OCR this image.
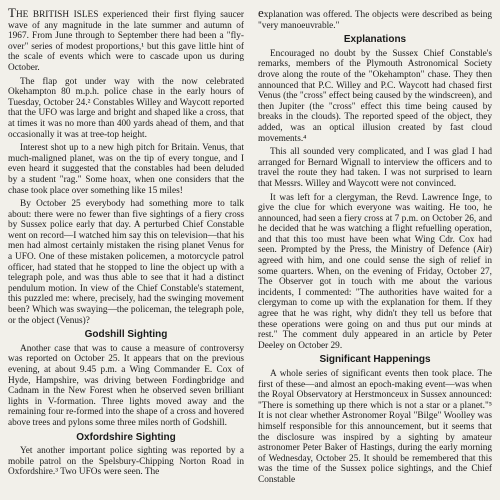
THE BRITISH ISLES experienced their first flying saucer wave of any magnitude in the late summer and autumn of 1967. From June through to September there had been a "fly-over" series of modest proportions,¹ but this gave little hint of the scale of events which were to cascade upon us during October.

The flap got under way with the now celebrated Okehampton 80 m.p.h. police chase in the early hours of Tuesday, October 24.² Constables Willey and Waycott reported that the UFO was large and bright and shaped like a cross, that at times it was no more than 400 yards ahead of them, and that occasionally it was at tree-top height.

Interest shot up to a new high pitch for Britain. Venus, that much-maligned planet, was on the tip of every tongue, and I even heard it suggested that the constables had been deluded by a student "rag." Some hoax, when one considers that the chase took place over something like 15 miles!

By October 25 everybody had something more to talk about: there were no fewer than five sightings of a fiery cross by Sussex police early that day. A perturbed Chief Constable went on record—I watched him say this on television—that his men had almost certainly mistaken the rising planet Venus for a UFO. One of these mistaken policemen, a motorcycle patrol officer, had stated that he stopped to line the object up with a telegraph pole, and was thus able to see that it had a distinct pendulum motion. In view of the Chief Constable's statement, this puzzled me: where, precisely, had the swinging movement been? Which was swaying—the policeman, the telegraph pole, or the object (Venus)?

Godshill Sighting

Another case that was to cause a measure of controversy was reported on October 25. It appears that on the previous evening, at about 9.45 p.m. a Wing Commander E. Cox of Hyde, Hampshire, was driving between Fordingbridge and Cadnam in the New Forest when he observed seven brilliant lights in V-formation. Three lights moved away and the remaining four re-formed into the shape of a cross and hovered above trees and pylons some three miles north of Godshill.

Oxfordshire Sighting

Yet another important police sighting was reported by a mobile patrol on the Spelsbury-Chipping Norton Road in Oxfordshire.³ Two UFOs were seen. The

explanation was offered. The objects were described as being "very manoeuvrable."

Explanations

Encouraged no doubt by the Sussex Chief Constable's remarks, members of the Plymouth Astronomical Society drove along the route of the "Okehampton" chase. They then announced that P.C. Willey and P.C. Waycott had chased first Venus (the "cross" effect being caused by the windscreen), and then Jupiter (the "cross" effect this time being caused by breaks in the clouds). The reported speed of the object, they added, was an optical illusion created by fast cloud movements.⁴

This all sounded very complicated, and I was glad I had arranged for Bernard Wignall to interview the officers and to travel the route they had taken. I was not surprised to learn that Messrs. Willey and Waycott were not convinced.

It was left for a clergyman, the Revd. Lawrence Inge, to give the clue for which everyone was waiting. He too, he announced, had seen a fiery cross at 7 p.m. on October 26, and he decided that he was watching a flight refuelling operation, and that this too must have been what Wing Cdr. Cox had seen. Prompted by the Press, the Ministry of Defence (Air) agreed with him, and one could sense the sigh of relief in some quarters. When, on the evening of Friday, October 27, The Observer got in touch with me about the various incidents, I commented: "The authorities have waited for a clergyman to come up with the explanation for them. If they agree that he was right, why didn't they tell us before that these operations were going on and thus put our minds at rest." The comment duly appeared in an article by Peter Deeley on October 29.

Significant Happenings

A whole series of significant events then took place. The first of these—and almost an epoch-making event—was when the Royal Observatory at Herstmonceux in Sussex announced: "There is something up there which is not a star or a planet."⁵ It is not clear whether Astronomer Royal "Bilge" Woolley was himself responsible for this announcement, but it seems that the disclosure was inspired by a sighting by amateur astronomer Peter Baker of Hastings, during the early morning of Wednesday, October 25. It should be remembered that this was the time of the Sussex police sightings, and the Chief Constable
